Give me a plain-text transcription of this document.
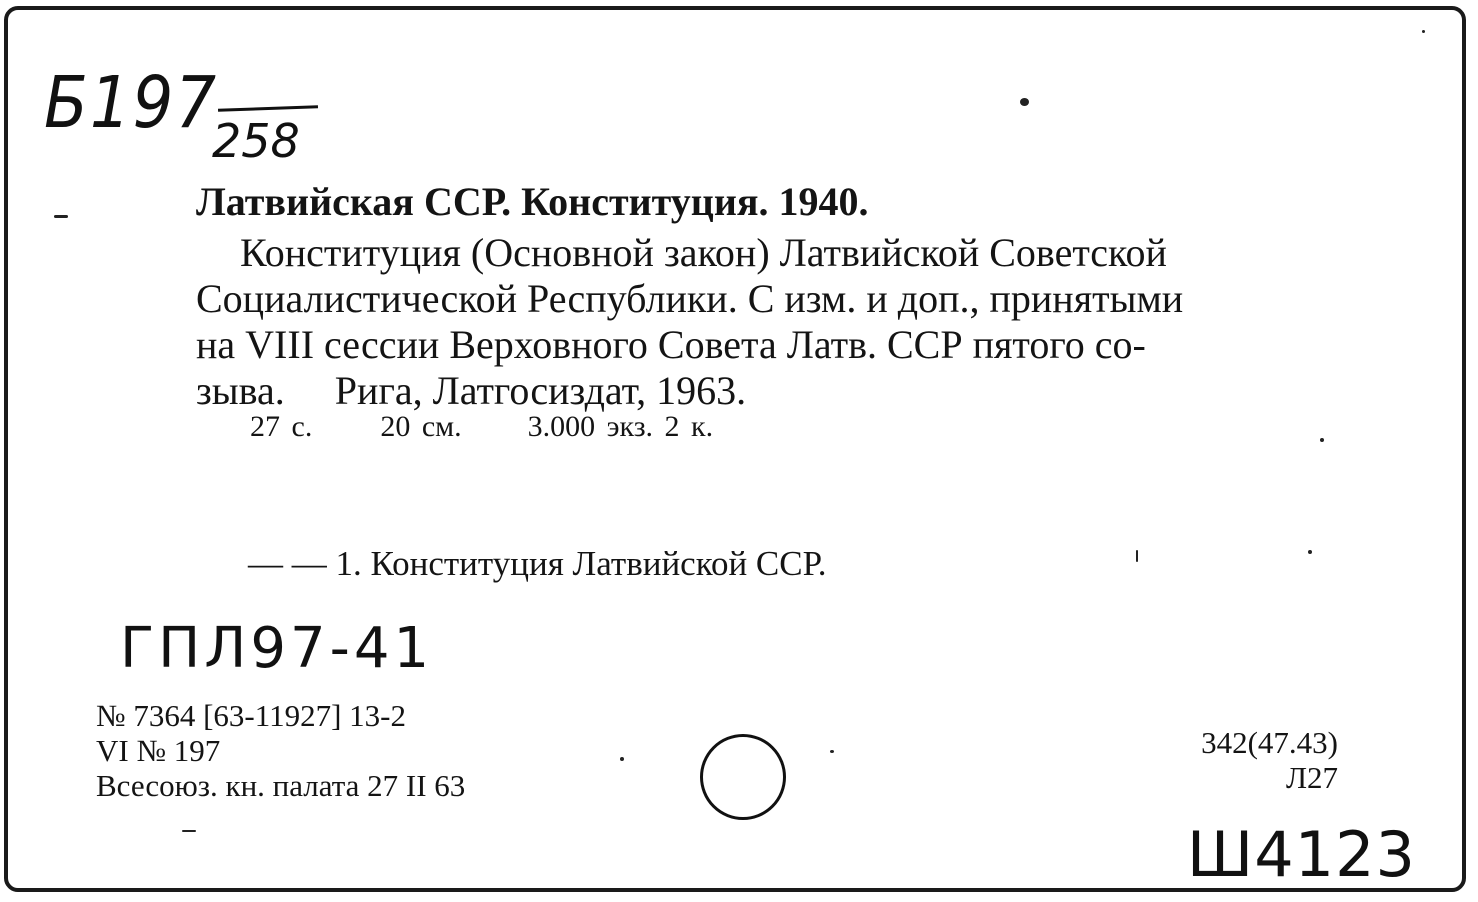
Б197
258
Латвийская ССР. Конституция. 1940.
Конституция (Основной закон) Латвийской Советской
Социалистической Республики. С изм. и доп., принятыми
на VIII сессии Верховного Совета Латв. ССР пятого со-
зыва.     Рига, Латгосиздат, 1963.
27 с. 20 см. 3.000 экз. 2 к.
— — 1. Конституция Латвийской ССР.
ГПЛ97-41
№ 7364 [63-11927] 13-2
VI № 197
Всесоюз. кн. палата 27 II 63
342(47.43)
Л27
Ш4123
